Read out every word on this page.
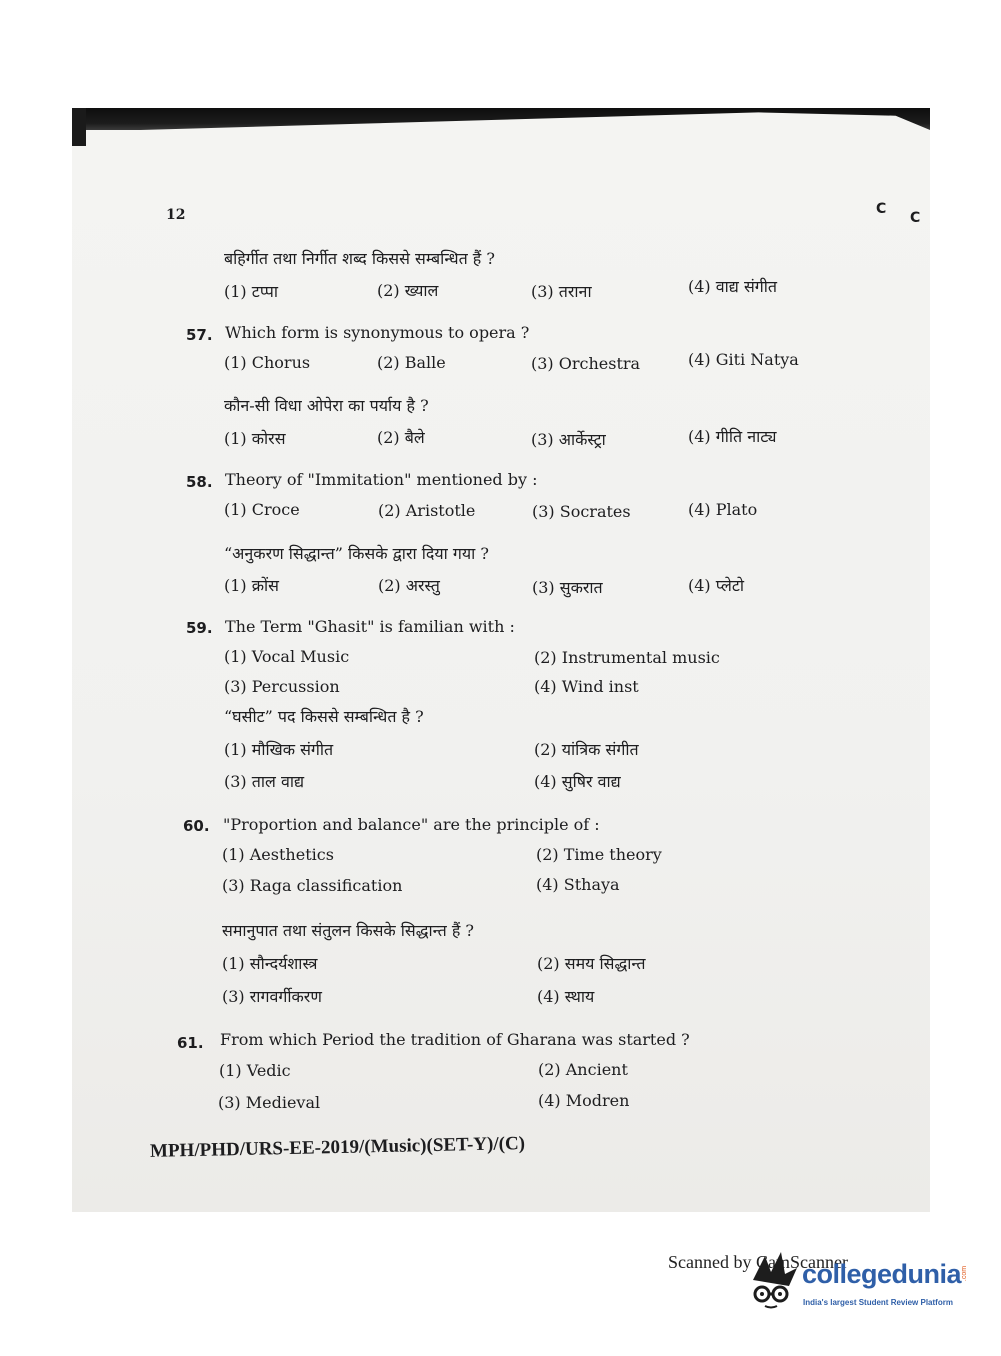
12	C
C
बहिर्गीत तथा निर्गीत शब्द किससे सम्बन्धित हैं ?
(1) टप्पा	(2) ख्याल	(3) तराना	(4) वाद्य संगीत
57. Which form is synonymous to opera ?
(1) Chorus	(2) Balle	(3) Orchestra	(4) Giti Natya
कौन-सी विधा ओपेरा का पर्याय है ?
(1) कोरस	(2) बैले	(3) आर्केस्ट्रा	(4) गीति नाट्य
58. Theory of "Immitation" mentioned by :
(1) Croce	(2) Aristotle	(3) Socrates	(4) Plato
“अनुकरण सिद्धान्त” किसके द्वारा दिया गया ?
(1) क्रोंस	(2) अरस्तु	(3) सुकरात	(4) प्लेटो
59. The Term "Ghasit" is familian with :
(1) Vocal Music	(2) Instrumental music
(3) Percussion	(4) Wind inst
“घसीट” पद किससे सम्बन्धित है ?
(1) मौखिक संगीत	(2) यांत्रिक संगीत
(3) ताल वाद्य	(4) सुषिर वाद्य
60. "Proportion and balance" are the principle of :
(1) Aesthetics	(2) Time theory
(3) Raga classification	(4) Sthaya
समानुपात तथा संतुलन किसके सिद्धान्त हैं ?
(1) सौन्दर्यशास्त्र	(2) समय सिद्धान्त
(3) रागवर्गीकरण	(4) स्थाय
61. From which Period the tradition of Gharana was started ?
(1) Vedic	(2) Ancient
(3) Medieval	(4) Modren
MPH/PHD/URS-EE-2019/(Music)(SET-Y)/(C)
Scanned by CamScanner
collegedunia .com
India's largest Student Review Platform
